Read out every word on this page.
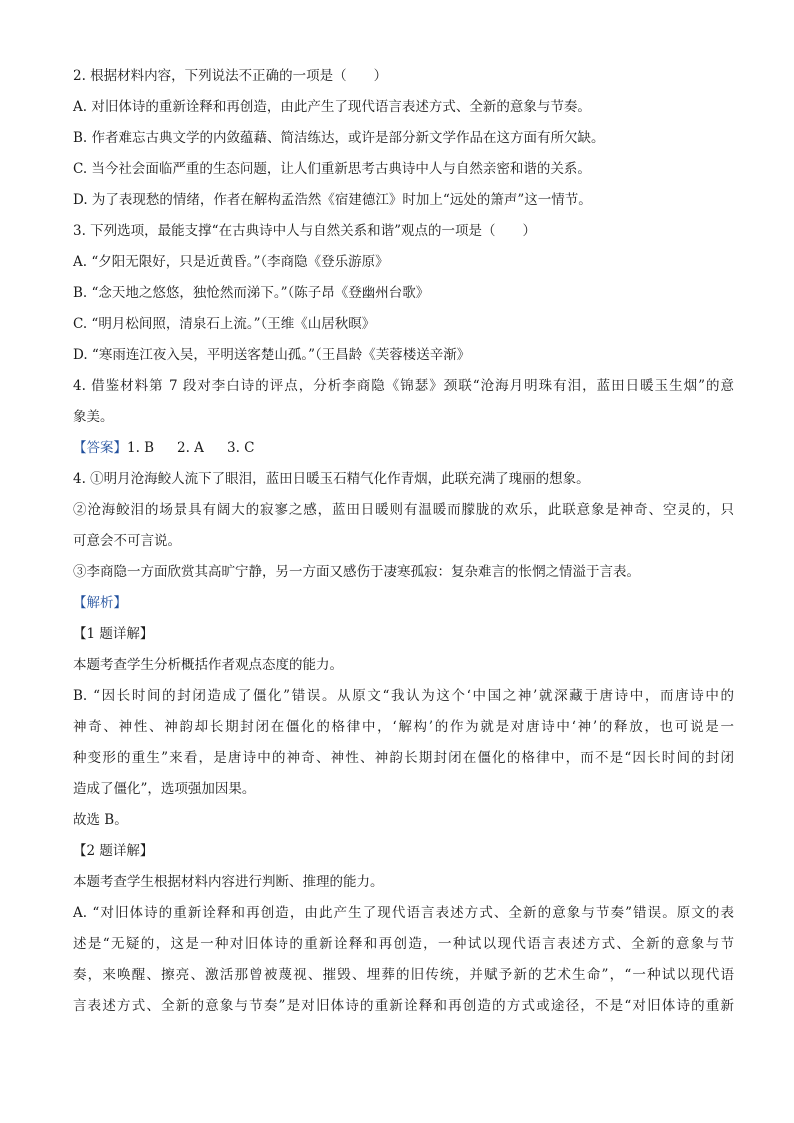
2. 根据材料内容，下列说法不正确的一项是（　　）
A. 对旧体诗的重新诠释和再创造，由此产生了现代语言表述方式、全新的意象与节奏。
B. 作者难忘古典文学的内敛蕴藉、简洁练达，或许是部分新文学作品在这方面有所欠缺。
C. 当今社会面临严重的生态问题，让人们重新思考古典诗中人与自然亲密和谐的关系。
D. 为了表现愁的情绪，作者在解构孟浩然《宿建德江》时加上“远处的箫声”这一情节。
3. 下列选项，最能支撑“在古典诗中人与自然关系和谐”观点的一项是（　　）
A. “夕阳无限好，只是近黄昏。”（李商隐《登乐游原》
B. “念天地之悠悠，独怆然而涕下。”（陈子昂《登幽州台歌》
C. “明月松间照，清泉石上流。”（王维《山居秋暝》
D. “寒雨连江夜入吴，平明送客楚山孤。”（王昌龄《芙蓉楼送辛渐》
4. 借鉴材料第 7 段对李白诗的评点，分析李商隐《锦瑟》颈联“沧海月明珠有泪，蓝田日暖玉生烟”的意
象美。
【答案】1. B 2. A 3. C
4. ①明月沧海鲛人流下了眼泪，蓝田日暖玉石精气化作青烟，此联充满了瑰丽的想象。
②沧海鲛泪的场景具有阔大的寂寥之感，蓝田日暖则有温暖而朦胧的欢乐，此联意象是神奇、空灵的，只
可意会不可言说。
③李商隐一方面欣赏其高旷宁静，另一方面又感伤于凄寒孤寂：复杂难言的怅惘之情溢于言表。
【解析】
【1 题详解】
本题考查学生分析概括作者观点态度的能力。
B. “因长时间的封闭造成了僵化”错误。从原文“我认为这个‘中国之神’就深藏于唐诗中，而唐诗中的
神奇、神性、神韵却长期封闭在僵化的格律中，‘解构’的作为就是对唐诗中‘神’的释放，也可说是一
种变形的重生”来看，是唐诗中的神奇、神性、神韵长期封闭在僵化的格律中，而不是“因长时间的封闭
造成了僵化”，选项强加因果。
故选 B。
【2 题详解】
本题考查学生根据材料内容进行判断、推理的能力。
A. “对旧体诗的重新诠释和再创造，由此产生了现代语言表述方式、全新的意象与节奏”错误。原文的表
述是“无疑的，这是一种对旧体诗的重新诠释和再创造，一种试以现代语言表述方式、全新的意象与节
奏，来唤醒、擦亮、激活那曾被蔑视、摧毁、埋葬的旧传统，并赋予新的艺术生命”，“一种试以现代语
言表述方式、全新的意象与节奏”是对旧体诗的重新诠释和再创造的方式或途径，不是“对旧体诗的重新
